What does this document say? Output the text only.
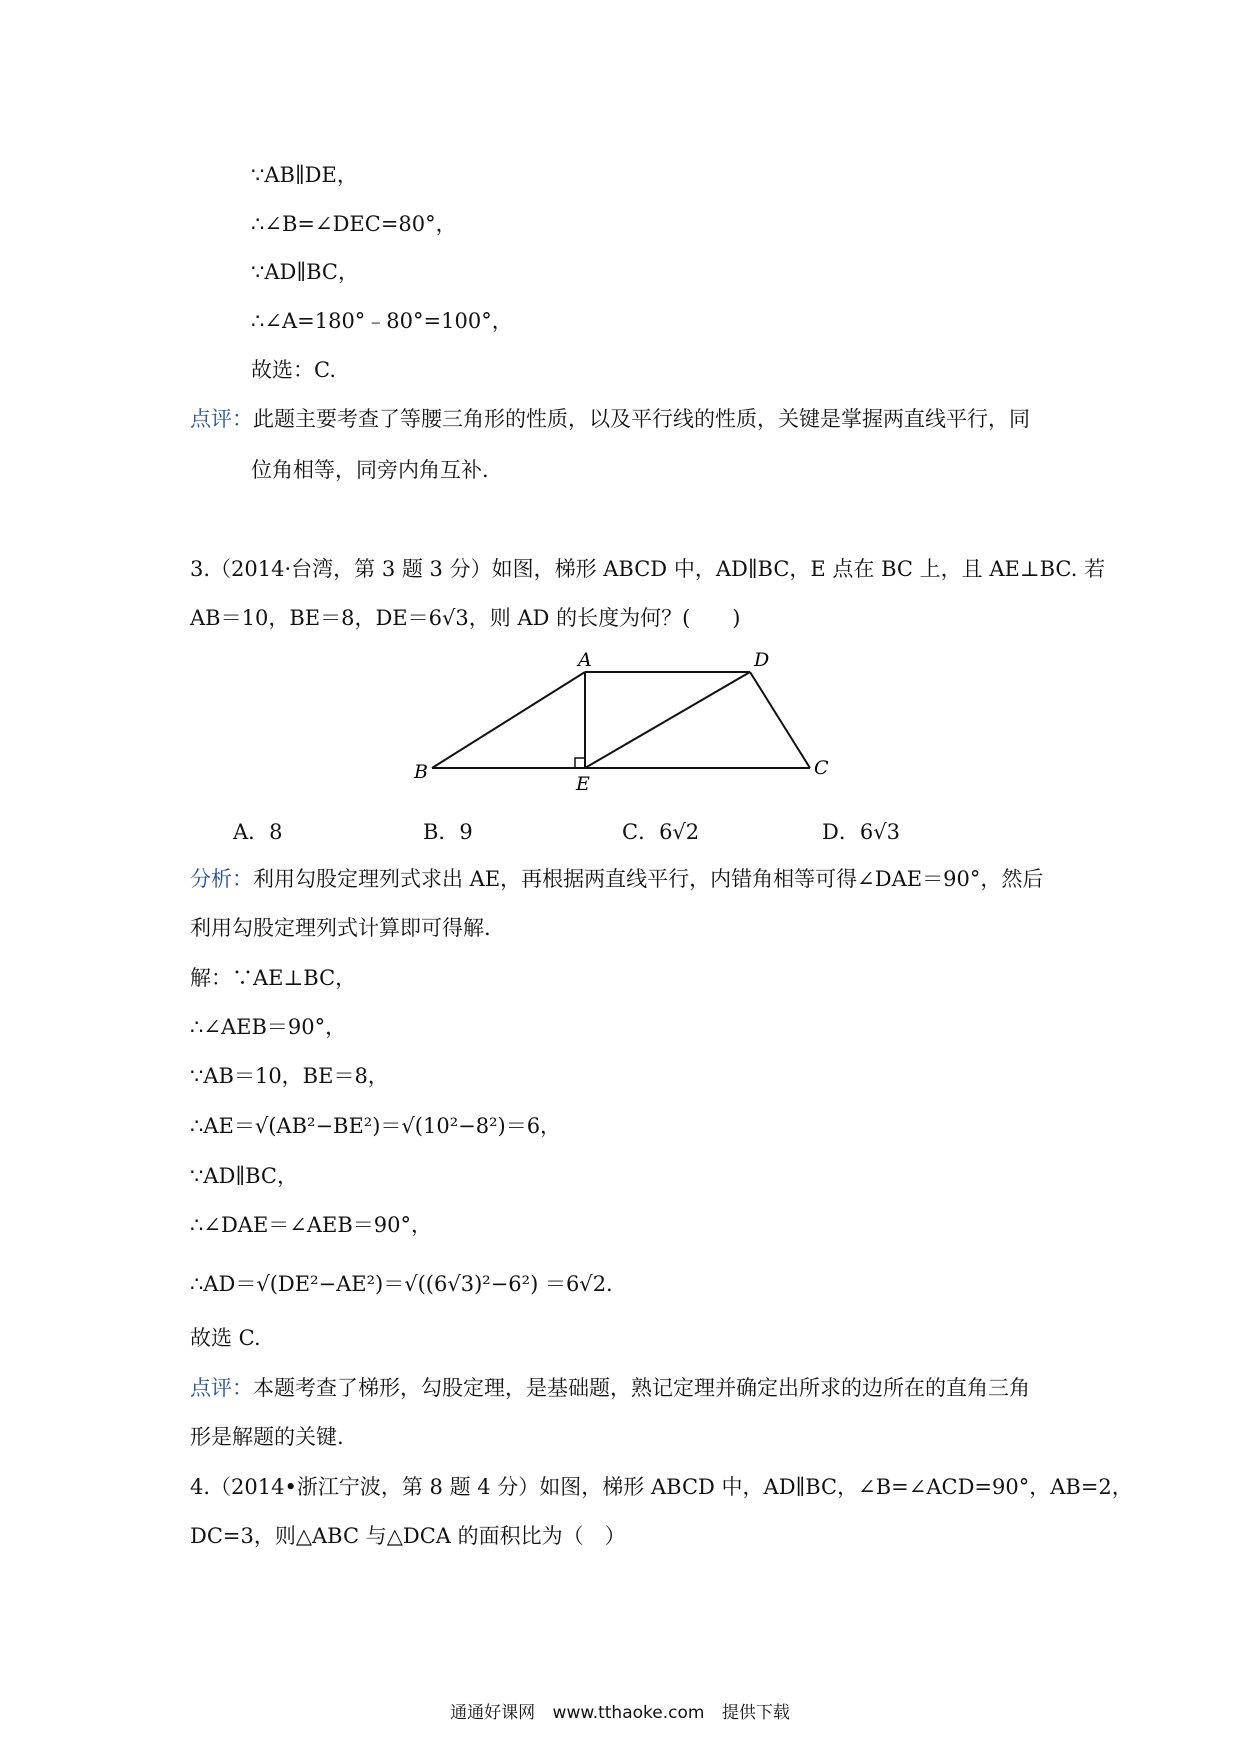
∵AB∥DE，
∴∠B=∠DEC=80°，
∵AD∥BC，
∴∠A=180°﹣80°=100°，
故选：C.
点评：此题主要考查了等腰三角形的性质，以及平行线的性质，关键是掌握两直线平行，同
位角相等，同旁内角互补.
3.（2014·台湾，第 3 题 3 分）如图，梯形 ABCD 中，AD∥BC，E 点在 BC 上，且 AE⊥BC. 若
AB＝10，BE＝8，DE＝6√3，则 AD 的长度为何？(　　)
A	D
B	C
E
A．8	B．9	C．6√2	D．6√3
分析：利用勾股定理列式求出 AE，再根据两直线平行，内错角相等可得∠DAE＝90°，然后
利用勾股定理列式计算即可得解.
解：∵AE⊥BC，
∴∠AEB＝90°，
∵AB＝10，BE＝8，
∴AE＝√(AB²−BE²)＝√(10²−8²)＝6，
∵AD∥BC，
∴∠DAE＝∠AEB＝90°，
∴AD＝√(DE²−AE²)＝√((6√3)²−6²) ＝6√2.
故选 C.
点评：本题考查了梯形，勾股定理，是基础题，熟记定理并确定出所求的边所在的直角三角
形是解题的关键.
4.（2014•浙江宁波，第 8 题 4 分）如图，梯形 ABCD 中，AD∥BC，∠B=∠ACD=90°，AB=2，
DC=3，则△ABC 与△DCA 的面积比为（　）
通通好课网 www.tthaoke.com 提供下载
